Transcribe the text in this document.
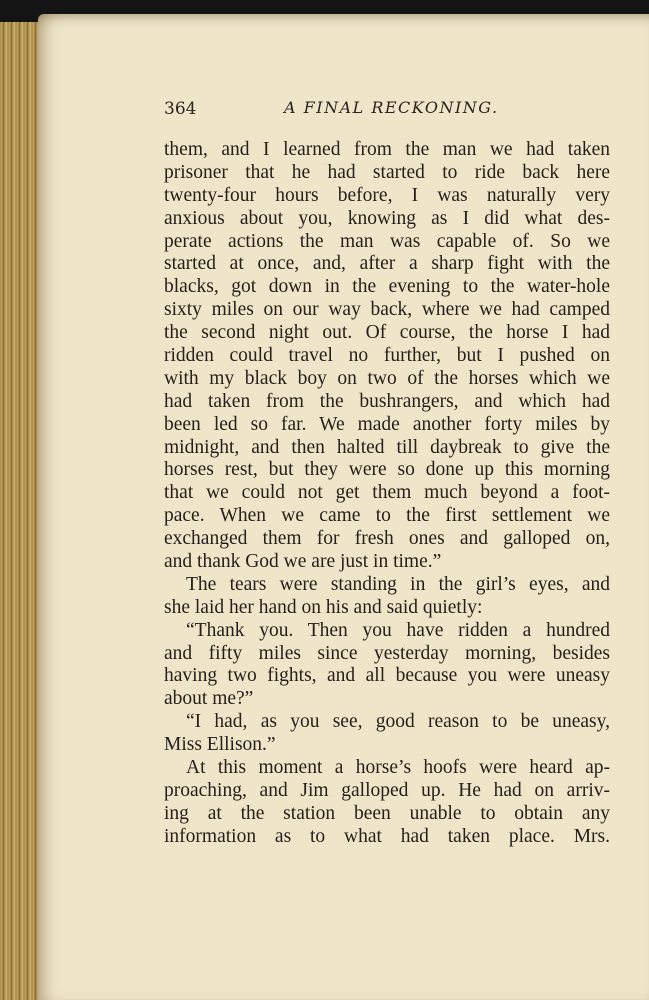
364	A FINAL RECKONING.
them, and I learned from the man we had taken
prisoner that he had started to ride back here
twenty-four hours before, I was naturally very
anxious about you, knowing as I did what des-
perate actions the man was capable of. So we
started at once, and, after a sharp fight with the
blacks, got down in the evening to the water-hole
sixty miles on our way back, where we had camped
the second night out. Of course, the horse I had
ridden could travel no further, but I pushed on
with my black boy on two of the horses which we
had taken from the bushrangers, and which had
been led so far. We made another forty miles by
midnight, and then halted till daybreak to give the
horses rest, but they were so done up this morning
that we could not get them much beyond a foot-
pace. When we came to the first settlement we
exchanged them for fresh ones and galloped on,
and thank God we are just in time.”
The tears were standing in the girl’s eyes, and
she laid her hand on his and said quietly:
“Thank you. Then you have ridden a hundred
and fifty miles since yesterday morning, besides
having two fights, and all because you were uneasy
about me?”
“I had, as you see, good reason to be uneasy,
Miss Ellison.”
At this moment a horse’s hoofs were heard ap-
proaching, and Jim galloped up. He had on arriv-
ing at the station been unable to obtain any
information as to what had taken place. Mrs.
